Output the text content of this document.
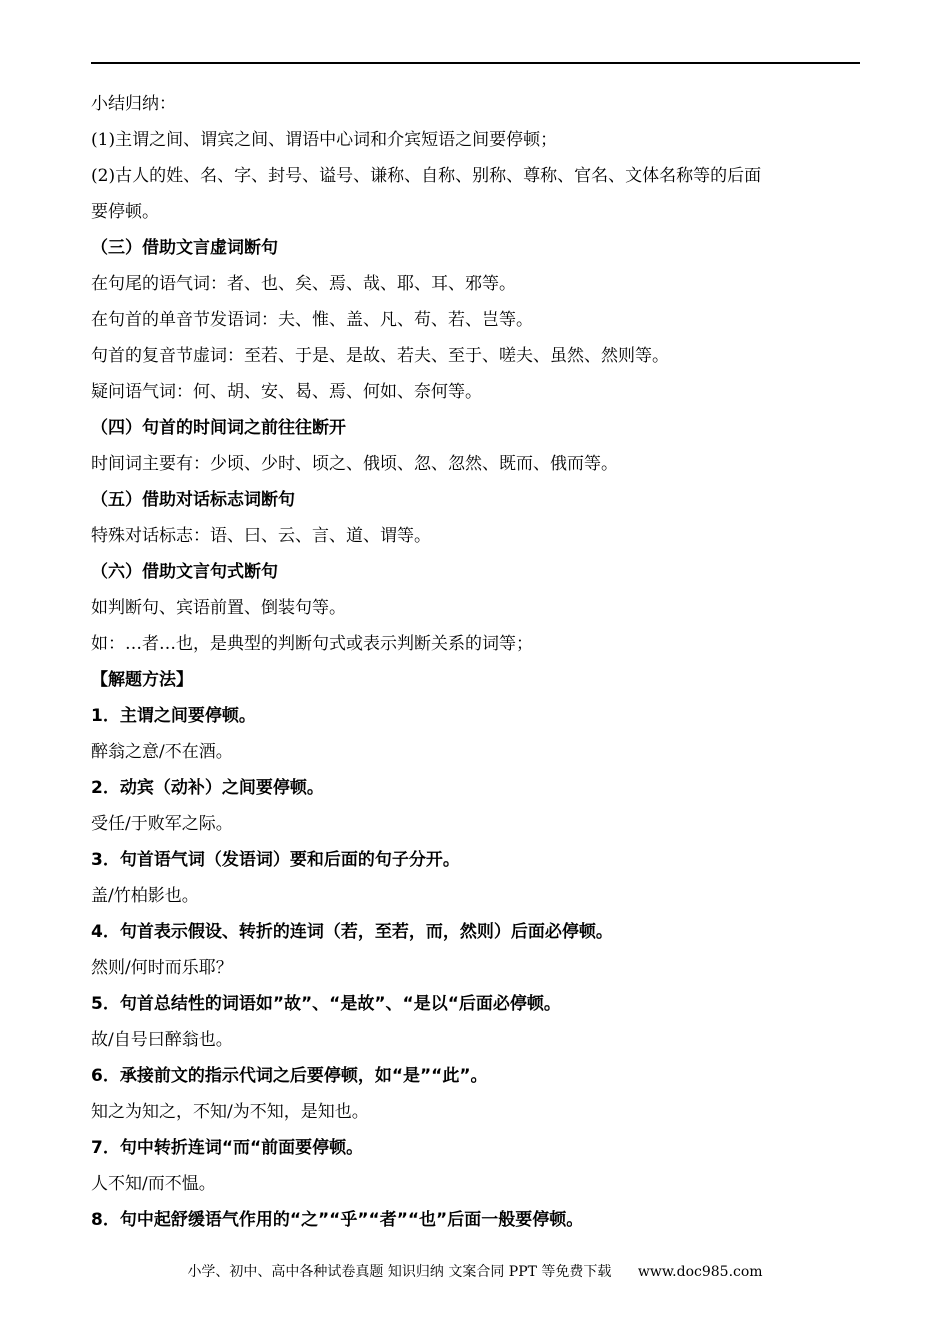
小结归纳：
(1)主谓之间、谓宾之间、谓语中心词和介宾短语之间要停顿；
(2)古人的姓、名、字、封号、谥号、谦称、自称、别称、尊称、官名、文体名称等的后面
要停顿。
（三）借助文言虚词断句
在句尾的语气词：者、也、矣、焉、哉、耶、耳、邪等。
在句首的单音节发语词：夫、惟、盖、凡、苟、若、岂等。
句首的复音节虚词：至若、于是、是故、若夫、至于、嗟夫、虽然、然则等。
疑问语气词：何、胡、安、曷、焉、何如、奈何等。
（四）句首的时间词之前往往断开
时间词主要有：少顷、少时、顷之、俄顷、忽、忽然、既而、俄而等。
（五）借助对话标志词断句
特殊对话标志：语、曰、云、言、道、谓等。
（六）借助文言句式断句
如判断句、宾语前置、倒装句等。
如：…者…也，是典型的判断句式或表示判断关系的词等；
【解题方法】
1．主谓之间要停顿。
醉翁之意/不在酒。
2．动宾（动补）之间要停顿。
受任/于败军之际。
3．句首语气词（发语词）要和后面的句子分开。
盖/竹柏影也。
4．句首表示假设、转折的连词（若，至若，而，然则）后面必停顿。
然则/何时而乐耶？
5．句首总结性的词语如”故”、“是故”、“是以“后面必停顿。
故/自号曰醉翁也。
6．承接前文的指示代词之后要停顿，如“是”“此”。
知之为知之，不知/为不知，是知也。
7．句中转折连词“而“前面要停顿。
人不知/而不愠。
8．句中起舒缓语气作用的“之”“乎”“者”“也”后面一般要停顿。
小学、初中、高中各种试卷真题 知识归纳 文案合同 PPT 等免费下载 www.doc985.com
